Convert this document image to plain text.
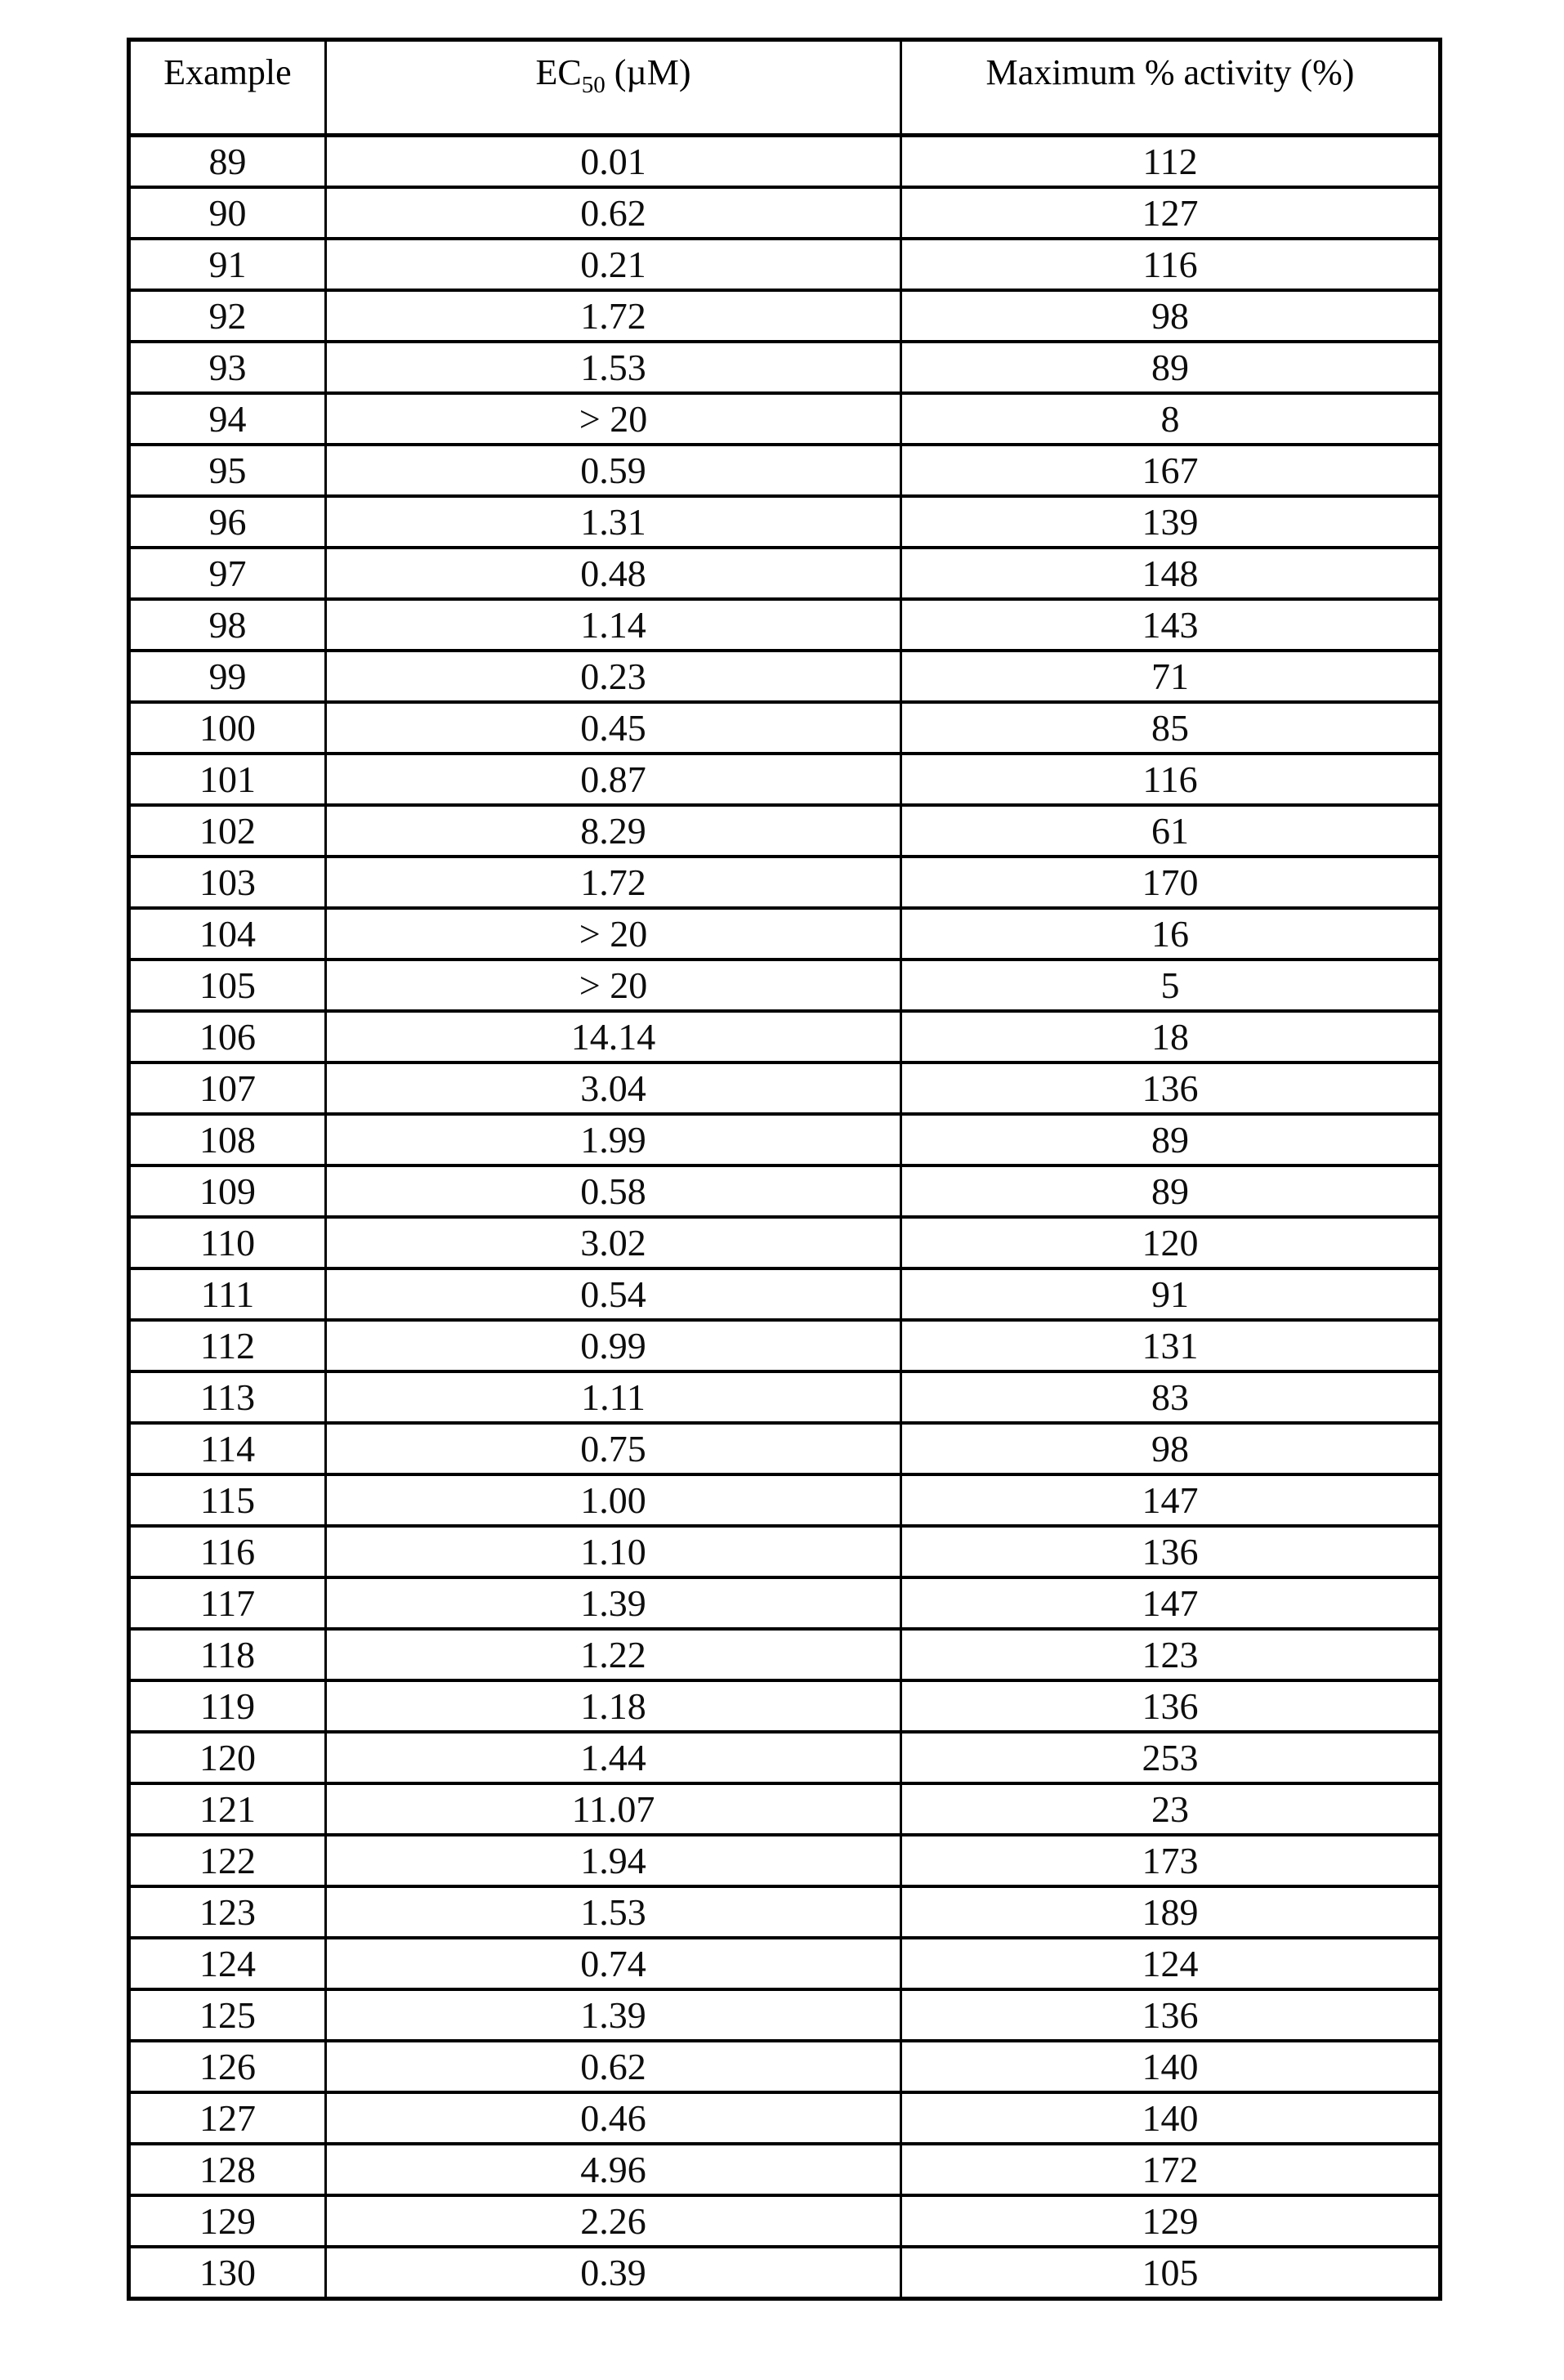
Example	$EC_{50}$ (µM)	Maximum % activity (%)
89	0.01	112
90	0.62	127
91	0.21	116
92	1.72	98
93	1.53	89
94	> 20	8
95	0.59	167
96	1.31	139
97	0.48	148
98	1.14	143
99	0.23	71
100	0.45	85
101	0.87	116
102	8.29	61
103	1.72	170
104	> 20	16
105	> 20	5
106	14.14	18
107	3.04	136
108	1.99	89
109	0.58	89
110	3.02	120
111	0.54	91
112	0.99	131
113	1.11	83
114	0.75	98
115	1.00	147
116	1.10	136
117	1.39	147
118	1.22	123
119	1.18	136
120	1.44	253
121	11.07	23
122	1.94	173
123	1.53	189
124	0.74	124
125	1.39	136
126	0.62	140
127	0.46	140
128	4.96	172
129	2.26	129
130	0.39	105
